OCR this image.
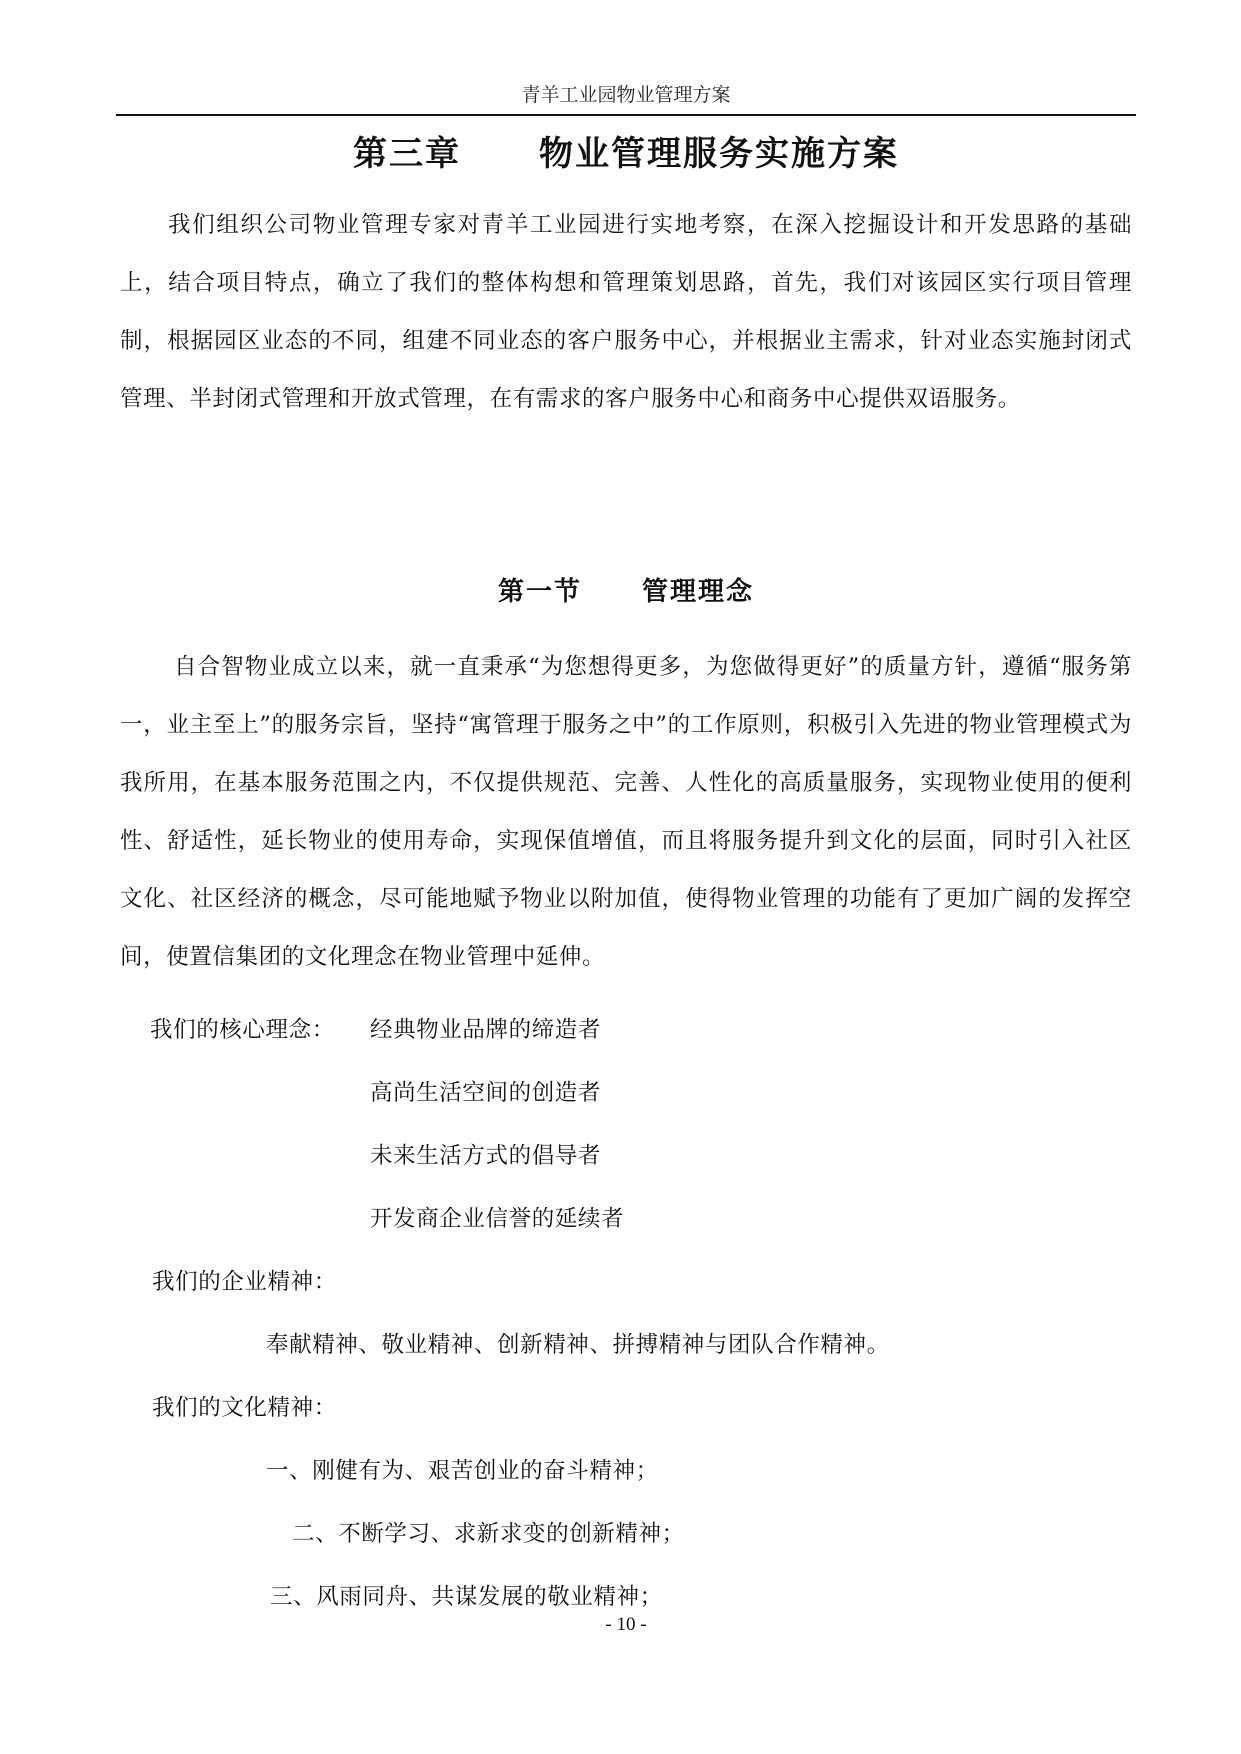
青羊工业园物业管理方案
第三章 物业管理服务实施方案

我们组织公司物业管理专家对青羊工业园进行实地考察，在深入挖掘设计和开发思路的基础上，结合项目特点，确立了我们的整体构想和管理策划思路，首先，我们对该园区实行项目管理制，根据园区业态的不同，组建不同业态的客户服务中心，并根据业主需求，针对业态实施封闭式管理、半封闭式管理和开放式管理，在有需求的客户服务中心和商务中心提供双语服务。

第一节 管理理念

自合智物业成立以来，就一直秉承“为您想得更多，为您做得更好”的质量方针，遵循“服务第一，业主至上”的服务宗旨，坚持“寓管理于服务之中”的工作原则，积极引入先进的物业管理模式为我所用，在基本服务范围之内，不仅提供规范、完善、人性化的高质量服务，实现物业使用的便利性、舒适性，延长物业的使用寿命，实现保值增值，而且将服务提升到文化的层面，同时引入社区文化、社区经济的概念，尽可能地赋予物业以附加值，使得物业管理的功能有了更加广阔的发挥空间，使置信集团的文化理念在物业管理中延伸。

我们的核心理念： 经典物业品牌的缔造者
高尚生活空间的创造者
未来生活方式的倡导者
开发商企业信誉的延续者
我们的企业精神：
奉献精神、敬业精神、创新精神、拼搏精神与团队合作精神。
我们的文化精神：
一、刚健有为、艰苦创业的奋斗精神；
二、不断学习、求新求变的创新精神；
三、风雨同舟、共谋发展的敬业精神；
- 10 -
